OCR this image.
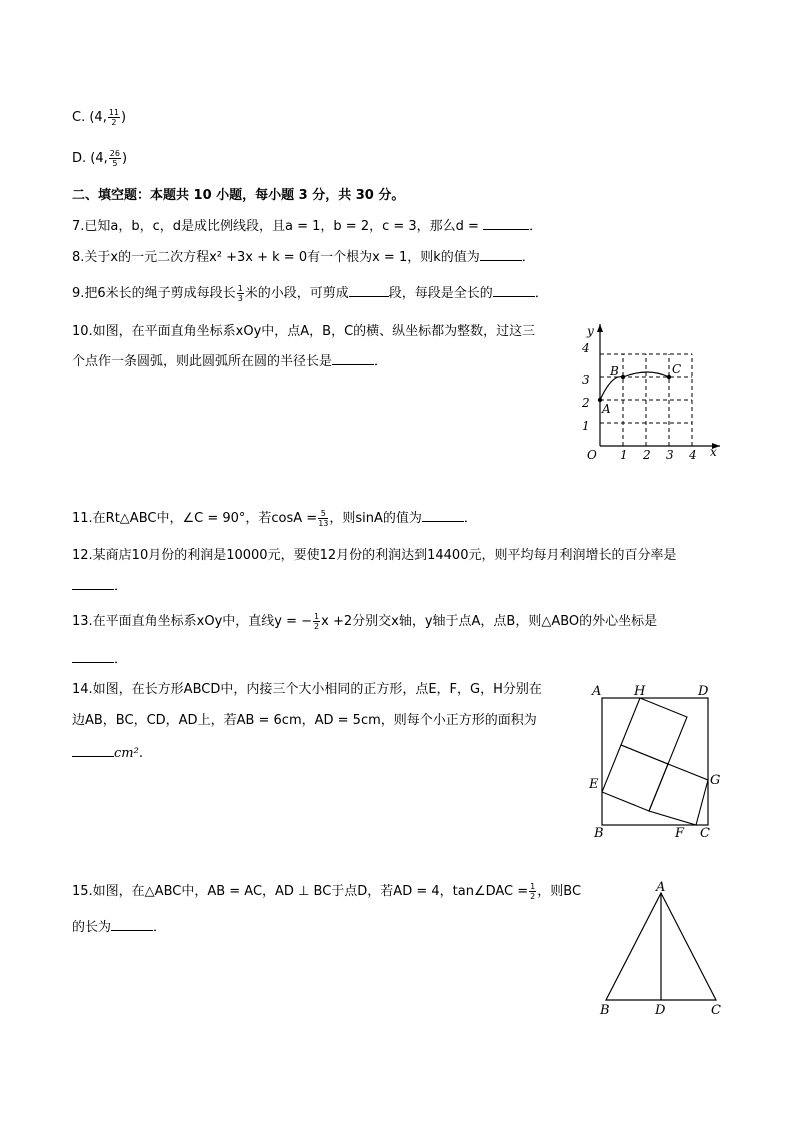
C. (4, $\frac{11}{2}$ )
D. (4, $\frac{26}{5}$ )
二、填空题：本题共 10 小题，每小题 3 分，共 30 分。
7.已知a，b，c，d是成比例线段，且a = 1，b = 2，c = 3，那么d =	．
8.关于x的一元二次方程x² +3x + k = 0有一个根为x = 1，则k的值为	．
9.把6米长的绳子剪成每段长 $\frac{1}{3}$ 米的小段，可剪成	段，每段是全长的	．
10.如图，在平面直角坐标系xOy中，点A，B，C的横、纵坐标都为整数，过这三
个点作一条圆弧，则此圆弧所在圆的半径长是	．
y
x
O 1 2 3 4
1
2
3
4
A
B	C
11.在Rt△ABC中，∠C = 90°，若$\cos A = \frac{5}{13}$ ，则sinA的值为	．
12.某商店10月份的利润是10000元，要使12月份的利润达到14400元，则平均每月利润增长的百分率是
．
13.在平面直角坐标系xOy中，直线y = − $\frac{1}{2}$ x +2分别交x轴，y轴于点A，点B，则△ABO的外心坐标是
．
14.如图，在长方形ABCD中，内接三个大小相同的正方形，点E，F，G，H分别在
边AB，BC，CD，AD上，若AB = 6cm，AD = 5cm，则每个小正方形的面积为
cm².
A	H	D
E	G
B	F C
15.如图，在△ABC中，AB = AC，AD ⊥ BC于点D，若AD = 4，tan∠DAC = $\frac{1}{2}$ ，则BC
的长为	．
A
B	D	C
